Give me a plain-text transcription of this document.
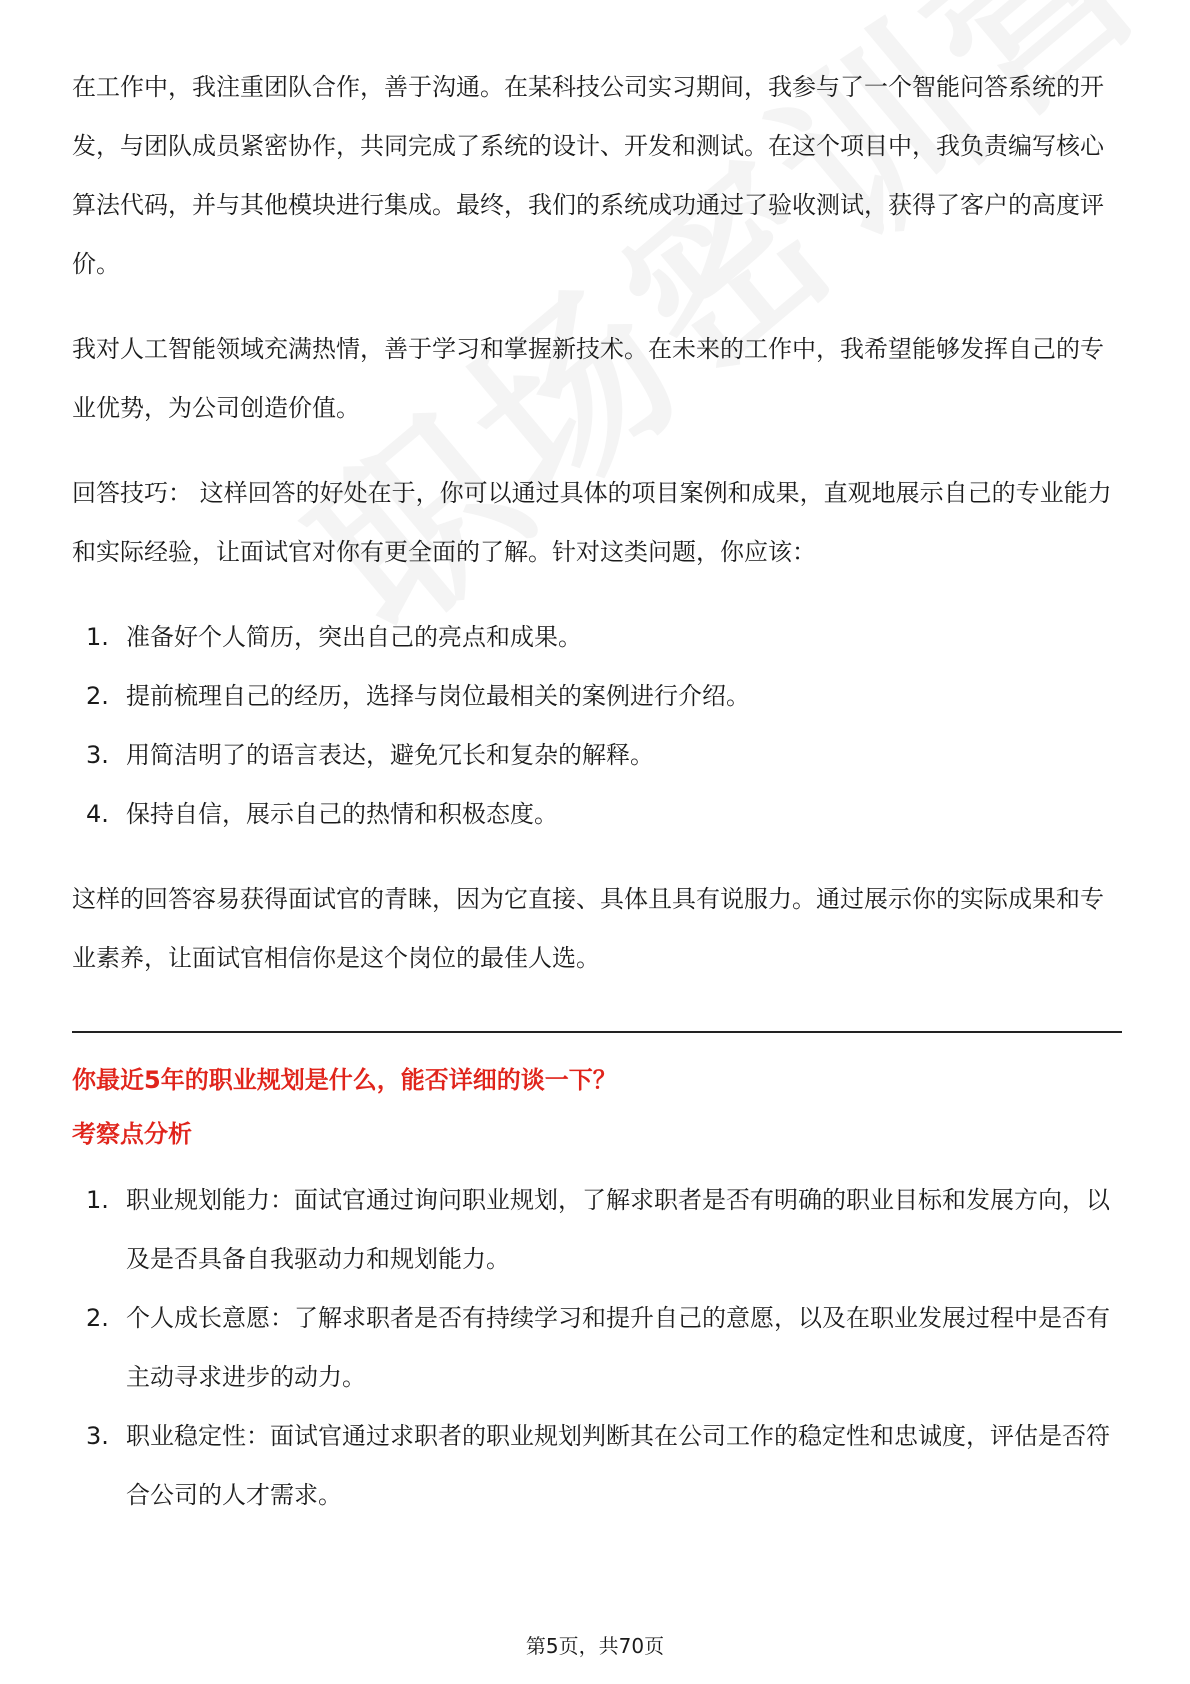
在工作中，我注重团队合作，善于沟通。在某科技公司实习期间，我参与了一个智能问答系统的开发，与团队成员紧密协作，共同完成了系统的设计、开发和测试。在这个项目中，我负责编写核心算法代码，并与其他模块进行集成。最终，我们的系统成功通过了验收测试，获得了客户的高度评价。

我对人工智能领域充满热情，善于学习和掌握新技术。在未来的工作中，我希望能够发挥自己的专业优势，为公司创造价值。

回答技巧： 这样回答的好处在于，你可以通过具体的项目案例和成果，直观地展示自己的专业能力和实际经验，让面试官对你有更全面的了解。针对这类问题，你应该：

1. 准备好个人简历，突出自己的亮点和成果。
2. 提前梳理自己的经历，选择与岗位最相关的案例进行介绍。
3. 用简洁明了的语言表达，避免冗长和复杂的解释。
4. 保持自信，展示自己的热情和积极态度。

这样的回答容易获得面试官的青睐，因为它直接、具体且具有说服力。通过展示你的实际成果和专业素养，让面试官相信你是这个岗位的最佳人选。

你最近5年的职业规划是什么，能否详细的谈一下？

考察点分析

1. 职业规划能力：面试官通过询问职业规划，了解求职者是否有明确的职业目标和发展方向，以及是否具备自我驱动力和规划能力。
2. 个人成长意愿：了解求职者是否有持续学习和提升自己的意愿，以及在职业发展过程中是否有主动寻求进步的动力。
3. 职业稳定性：面试官通过求职者的职业规划判断其在公司工作的稳定性和忠诚度，评估是否符合公司的人才需求。
第5页，共70页
